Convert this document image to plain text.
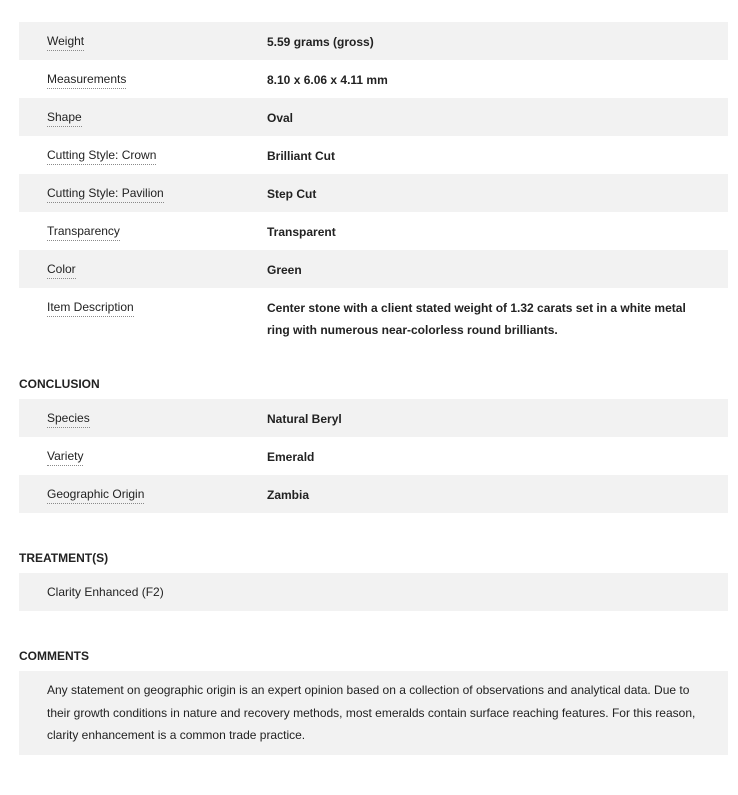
Weight	5.59 grams (gross)
Measurements	8.10 x 6.06 x 4.11 mm
Shape	Oval
Cutting Style: Crown	Brilliant Cut
Cutting Style: Pavilion	Step Cut
Transparency	Transparent
Color	Green
Item Description	Center stone with a client stated weight of 1.32 carats set in a white metal ring with numerous near-colorless round brilliants.
CONCLUSION
Species	Natural Beryl
Variety	Emerald
Geographic Origin	Zambia
TREATMENT(S)
Clarity Enhanced (F2)
COMMENTS
Any statement on geographic origin is an expert opinion based on a collection of observations and analytical data. Due to their growth conditions in nature and recovery methods, most emeralds contain surface reaching features. For this reason, clarity enhancement is a common trade practice.
